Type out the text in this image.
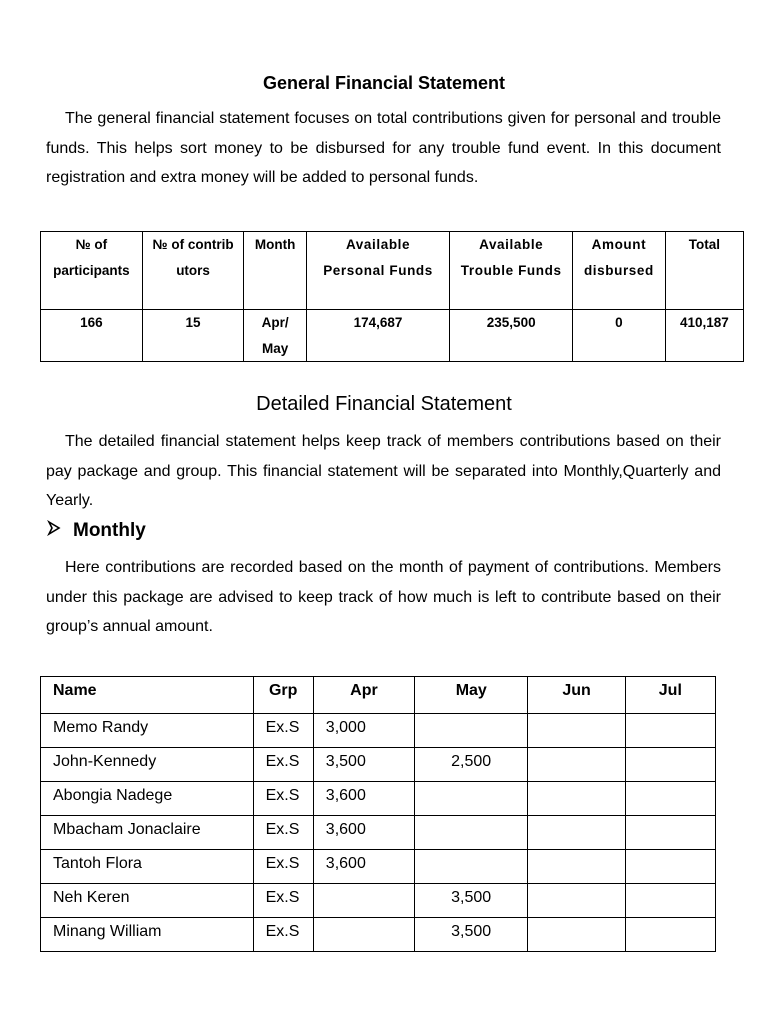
General Financial Statement

The general financial statement focuses on total contributions given for personal and trouble funds. This helps sort money to be disbursed for any trouble fund event. In this document registration and extra money will be added to personal funds.

№ of participants	№ of contributors	Month	Available Personal Funds	Available Trouble Funds	Amount disbursed	Total
166	15	Apr/ May	174,687	235,500	0	410,187
Detailed Financial Statement

The detailed financial statement helps keep track of members contributions based on their pay package and group. This financial statement will be separated into Monthly,Quarterly and Yearly.

Monthly

Here contributions are recorded based on the month of payment of contributions. Members under this package are advised to keep track of how much is left to contribute based on their group’s annual amount.

Name	Grp	Apr	May	Jun	Jul
Memo Randy	Ex.S	3,000			
John-Kennedy	Ex.S	3,500	2,500		
Abongia Nadege	Ex.S	3,600			
Mbacham Jonaclaire	Ex.S	3,600			
Tantoh Flora	Ex.S	3,600			
Neh Keren	Ex.S		3,500		
Minang William	Ex.S		3,500		
